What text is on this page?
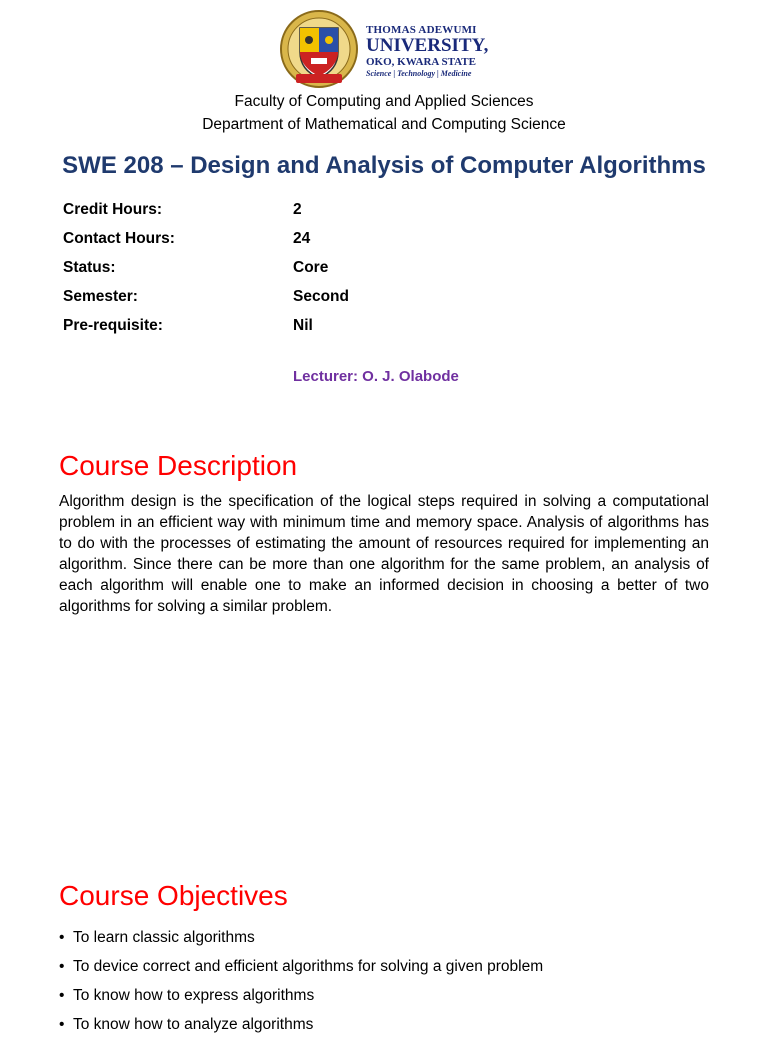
THOMAS ADEWUMI
UNIVERSITY,
OKO, KWARA STATE
Science | Technology | Medicine
Faculty of Computing and Applied Sciences
Department of Mathematical and Computing Science
SWE 208 – Design and Analysis of Computer Algorithms
Credit Hours:	2
Contact Hours:	24
Status:	Core
Semester:	Second
Pre-requisite:	Nil
Lecturer: O. J. Olabode
Course Description

Algorithm design is the specification of the logical steps required in solving a computational problem in an efficient way with minimum time and memory space. Analysis of algorithms has to do with the processes of estimating the amount of resources required for implementing an algorithm. Since there can be more than one algorithm for the same problem, an analysis of each algorithm will enable one to make an informed decision in choosing a better of two algorithms for solving a similar problem.

Course Objectives
• To learn classic algorithms
• To device correct and efficient algorithms for solving a given problem
• To know how to express algorithms
• To know how to analyze algorithms
